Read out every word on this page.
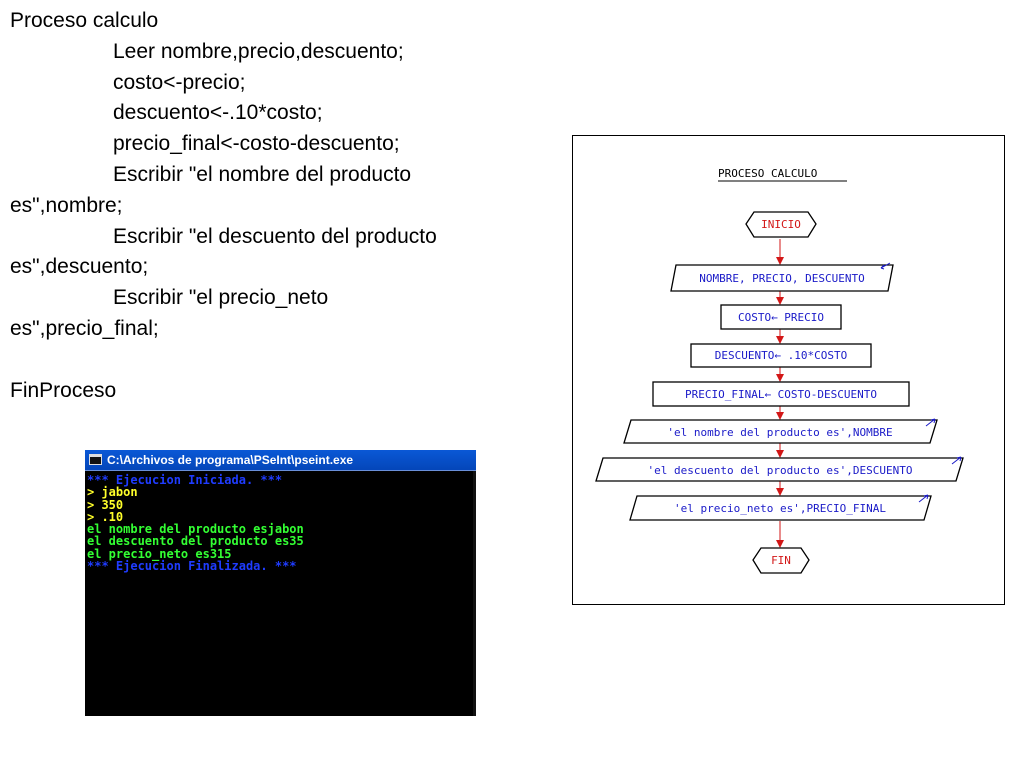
Proceso calculo
Leer nombre,precio,descuento;
costo<-precio;
descuento<-.10*costo;
precio_final<-costo-descuento;
Escribir "el nombre del producto
es",nombre;
Escribir "el descuento del producto
es",descuento;
Escribir "el precio_neto
es",precio_final;
FinProceso
C:\Archivos de programa\PSeInt\pseint.exe
*** Ejecucion Iniciada. ***
> jabon
> 350
> .10
el nombre del producto esjabon
el descuento del producto es35
el precio_neto es315
*** Ejecucion Finalizada. ***
PROCESO CALCULO
INICIO
NOMBRE, PRECIO, DESCUENTO
COSTO← PRECIO
DESCUENTO← .10*COSTO
PRECIO_FINAL← COSTO-DESCUENTO
'el nombre del producto es',NOMBRE
'el descuento del producto es',DESCUENTO
'el precio_neto es',PRECIO_FINAL
FIN
